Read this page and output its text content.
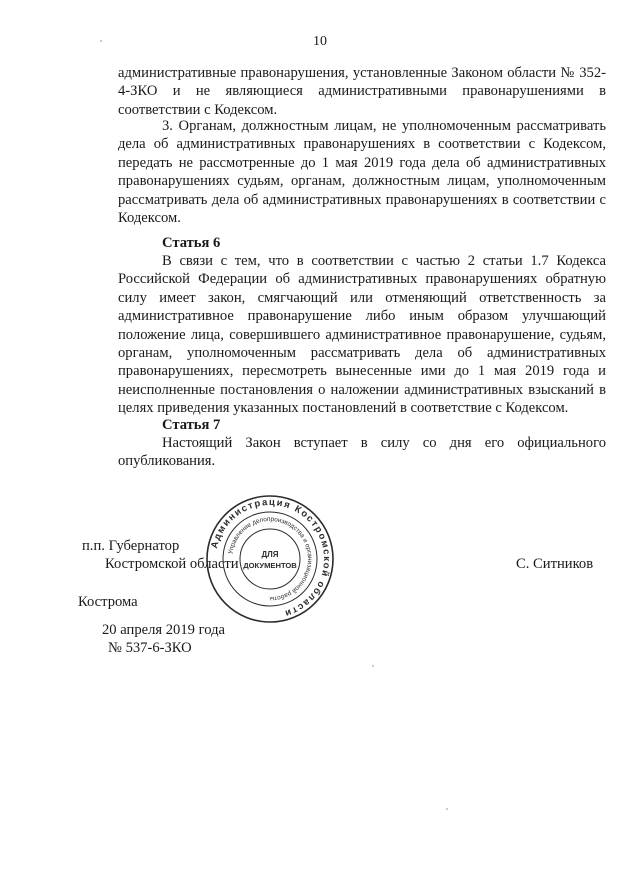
10

административные правонарушения, установленные Законом области № 352-4-ЗКО и не являющиеся административными правонарушениями в соответствии с Кодексом.

3. Органам, должностным лицам, не уполномоченным рассматривать дела об административных правонарушениях в соответствии с Кодексом, передать не рассмотренные до 1 мая 2019 года дела об административных правонарушениях судьям, органам, должностным лицам, уполномоченным рассматривать дела об административных правонарушениях в соответствии с Кодексом.

Статья 6

В связи с тем, что в соответствии с частью 2 статьи 1.7 Кодекса Российской Федерации об административных правонарушениях обратную силу имеет закон, смягчающий или отменяющий ответственность за административное правонарушение либо иным образом улучшающий положение лица, совершившего административное правонарушение, судьям, органам, уполномоченным рассматривать дела об административных правонарушениях, пересмотреть вынесенные ими до 1 мая 2019 года и неисполненные постановления о наложении административных взысканий в целях приведения указанных постановлений в соответствие с Кодексом.

Статья 7

Настоящий Закон вступает в силу со дня его официального опубликования.

п.п. Губернатор
Костромской области	С. Ситников
Кострома
20 апреля 2019 года
№ 537-6-ЗКО
Администрация Костромской области
Управление делопроизводства и организационной работы
ДЛЯ
ДОКУМЕНТОВ
